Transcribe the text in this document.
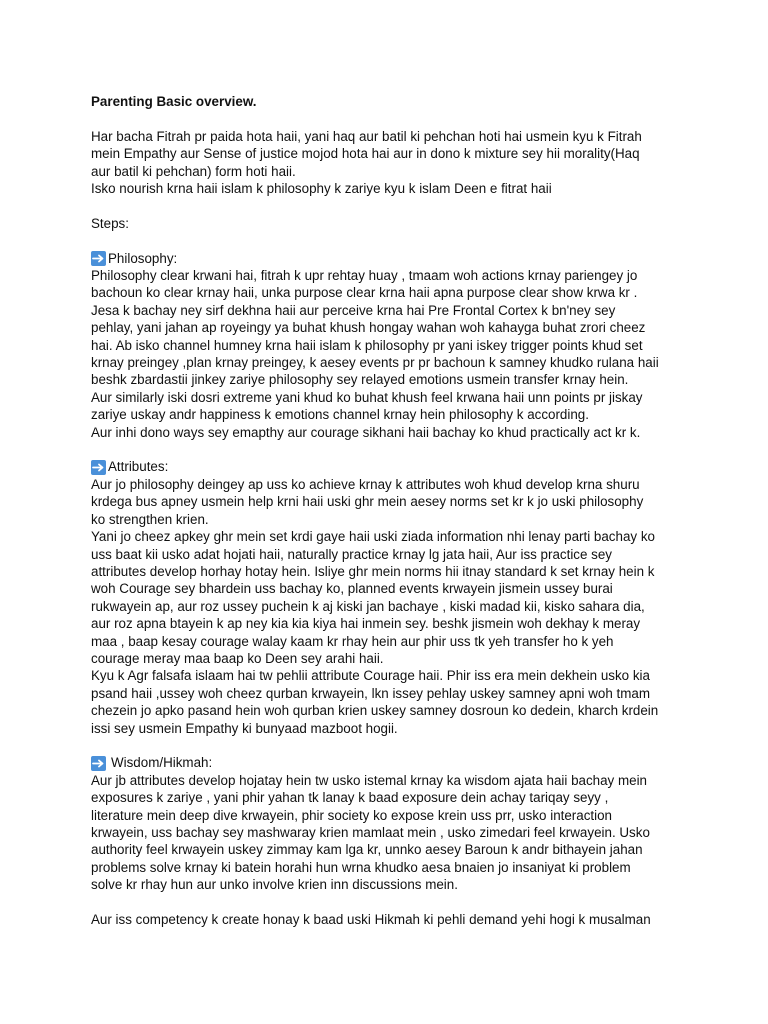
Parenting Basic overview.

Har bacha Fitrah pr paida hota haii, yani haq aur batil ki pehchan hoti hai usmein kyu k Fitrah
mein Empathy aur Sense of justice mojod hota hai aur in dono k mixture sey hii morality(Haq
aur batil ki pehchan) form hoti haii.
Isko nourish krna haii islam k philosophy k zariye kyu k islam Deen e fitrat haii
Steps:
Philosophy:
Philosophy clear krwani hai, fitrah k upr rehtay huay , tmaam woh actions krnay pariengey jo
bachoun ko clear krnay haii, unka purpose clear krna haii apna purpose clear show krwa kr .
Jesa k bachay ney sirf dekhna haii aur perceive krna hai Pre Frontal Cortex k bn'ney sey
pehlay, yani jahan ap royeingy ya buhat khush hongay wahan woh kahayga buhat zrori cheez
hai. Ab isko channel humney krna haii islam k philosophy pr yani iskey trigger points khud set
krnay preingey ,plan krnay preingey, k aesey events pr pr bachoun k samney khudko rulana haii
beshk zbardastii jinkey zariye philosophy sey relayed emotions usmein transfer krnay hein.
Aur similarly iski dosri extreme yani khud ko buhat khush feel krwana haii unn points pr jiskay
zariye uskay andr happiness k emotions channel krnay hein philosophy k according.
Aur inhi dono ways sey emapthy aur courage sikhani haii bachay ko khud practically act kr k.
Attributes:
Aur jo philosophy deingey ap uss ko achieve krnay k attributes woh khud develop krna shuru
krdega bus apney usmein help krni haii uski ghr mein aesey norms set kr k jo uski philosophy
ko strengthen krien.
Yani jo cheez apkey ghr mein set krdi gaye haii uski ziada information nhi lenay parti bachay ko
uss baat kii usko adat hojati haii, naturally practice krnay lg jata haii, Aur iss practice sey
attributes develop horhay hotay hein. Isliye ghr mein norms hii itnay standard k set krnay hein k
woh Courage sey bhardein uss bachay ko, planned events krwayein jismein ussey burai
rukwayein ap, aur roz ussey puchein k aj kiski jan bachaye , kiski madad kii, kisko sahara dia,
aur roz apna btayein k ap ney kia kia kiya hai inmein sey. beshk jismein woh dekhay k meray
maa , baap kesay courage walay kaam kr rhay hein aur phir uss tk yeh transfer ho k yeh
courage meray maa baap ko Deen sey arahi haii.
Kyu k Agr falsafa islaam hai tw pehlii attribute Courage haii. Phir iss era mein dekhein usko kia
psand haii ,ussey woh cheez qurban krwayein, lkn issey pehlay uskey samney apni woh tmam
chezein jo apko pasand hein woh qurban krien uskey samney dosroun ko dedein, kharch krdein
issi sey usmein Empathy ki bunyaad mazboot hogii.
Wisdom/Hikmah:
Aur jb attributes develop hojatay hein tw usko istemal krnay ka wisdom ajata haii bachay mein
exposures k zariye , yani phir yahan tk lanay k baad exposure dein achay tariqay seyy ,
literature mein deep dive krwayein, phir society ko expose krein uss prr, usko interaction
krwayein, uss bachay sey mashwaray krien mamlaat mein , usko zimedari feel krwayein. Usko
authority feel krwayein uskey zimmay kam lga kr, unnko aesey Baroun k andr bithayein jahan
problems solve krnay ki batein horahi hun wrna khudko aesa bnaien jo insaniyat ki problem
solve kr rhay hun aur unko involve krien inn discussions mein.
Aur iss competency k create honay k baad uski Hikmah ki pehli demand yehi hogi k musalman
